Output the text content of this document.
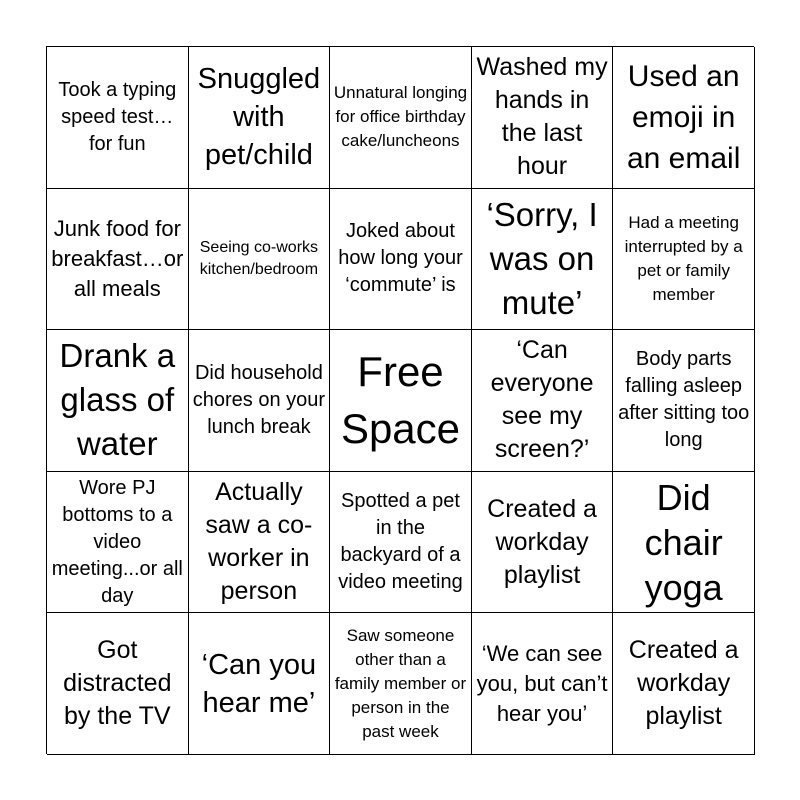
Took a typing speed test…for fun
Snuggled with pet/child
Unnatural longing for office birthday cake/luncheons
Washed my hands in the last hour
Used an emoji in an email
Junk food for breakfast…or all meals
Seeing co-works kitchen/bedroom
Joked about how long your ‘commute’ is
‘Sorry, I was on mute’
Had a meeting interrupted by a pet or family member
Drank a glass of water
Did household chores on your lunch break
Free Space
‘Can everyone see my screen?’
Body parts falling asleep after sitting too long
Wore PJ bottoms to a video meeting...or all day
Actually saw a co-worker in person
Spotted a pet in the backyard of a video meeting
Created a workday playlist
Did chair yoga
Got distracted by the TV
‘Can you hear me’
Saw someone other than a family member or person in the past week
‘We can see you, but can’t hear you’
Created a workday playlist
